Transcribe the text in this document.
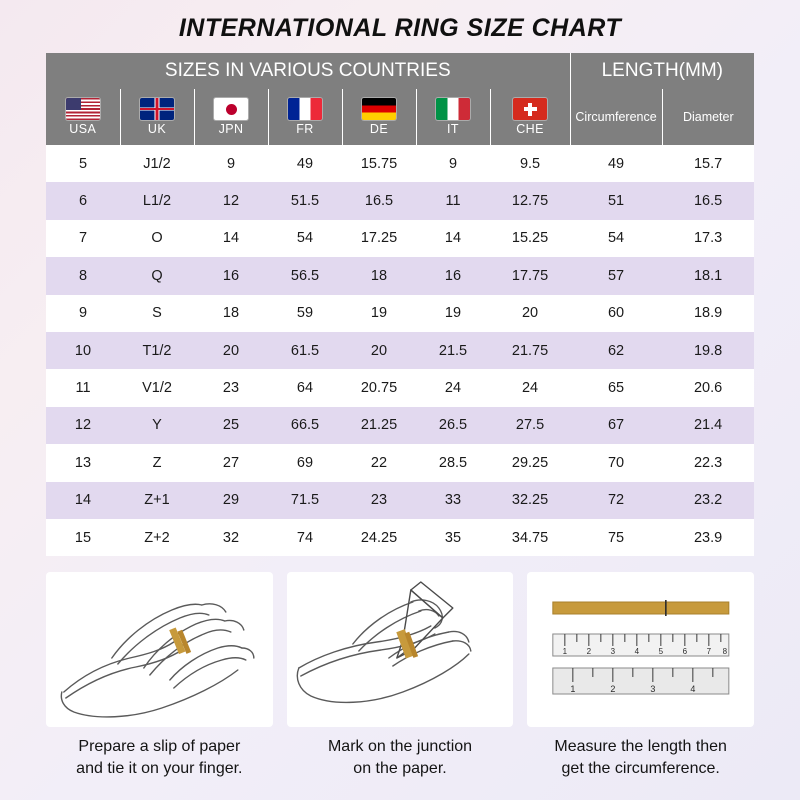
INTERNATIONAL RING SIZE CHART
SIZES IN VARIOUS COUNTRIES							LENGTH(MM)	

USA	UK	JPN	FR	DE	IT	CHE	Circumference	Diameter
5	J1/2	9	49	15.75	9	9.5	49	15.7
6	L1/2	12	51.5	16.5	11	12.75	51	16.5
7	O	14	54	17.25	14	15.25	54	17.3
8	Q	16	56.5	18	16	17.75	57	18.1
9	S	18	59	19	19	20	60	18.9
10	T1/2	20	61.5	20	21.5	21.75	62	19.8
11	V1/2	23	64	20.75	24	24	65	20.6
12	Y	25	66.5	21.25	26.5	27.5	67	21.4
13	Z	27	69	22	28.5	29.25	70	22.3
14	Z+1	29	71.5	23	33	32.25	72	23.2
15	Z+2	32	74	24.25	35	34.75	75	23.9
Prepare a slip of paper
and tie it on your finger.
Mark on the junction
on the paper.
1 2 3 4 5 6 7 8
1	2	3	4
Measure the length then
get the circumference.
